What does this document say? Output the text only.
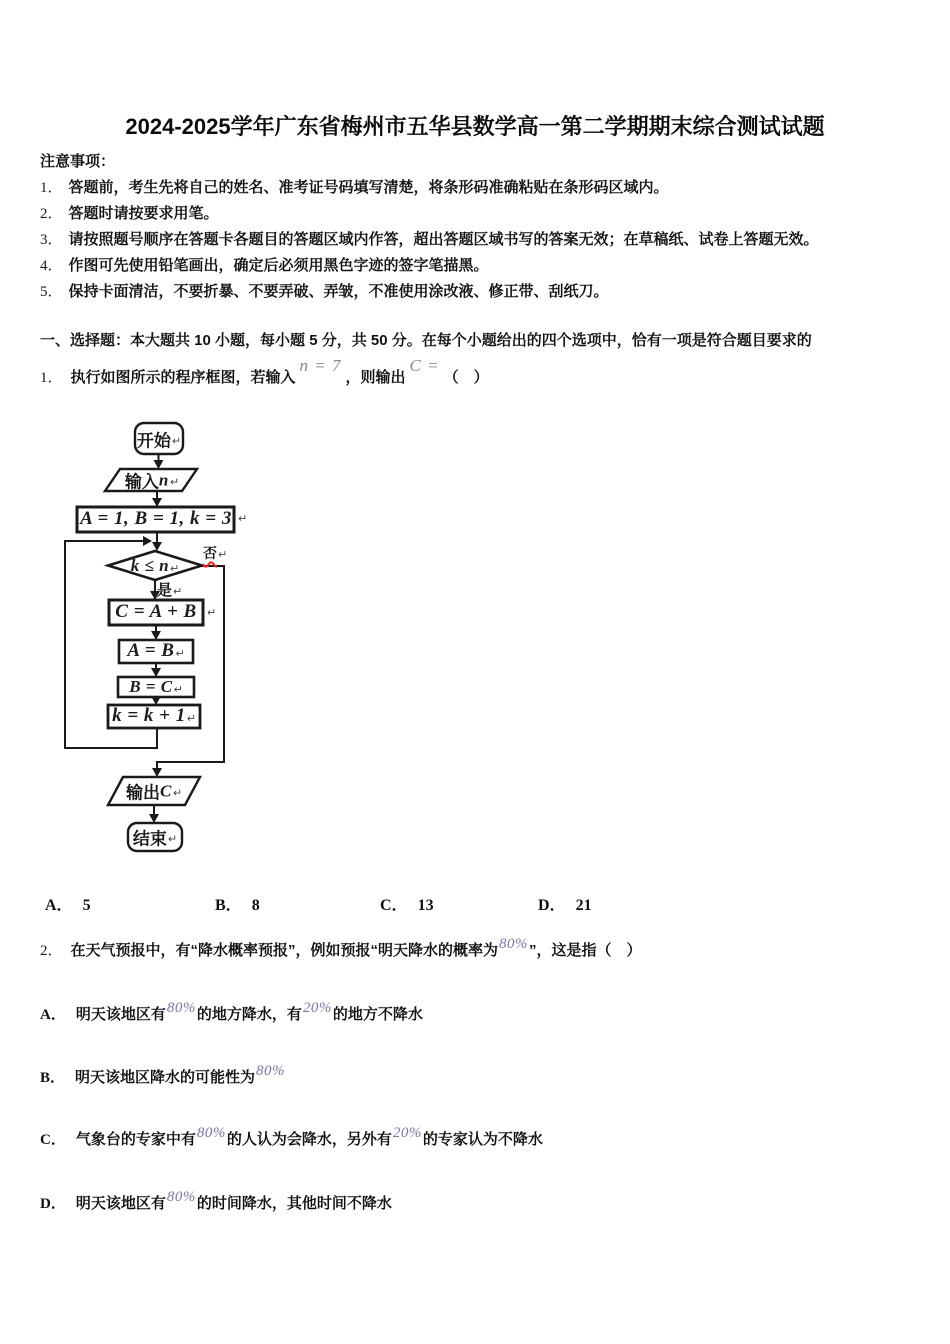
2024-2025学年广东省梅州市五华县数学高一第二学期期末综合测试试题
注意事项：
1． 答题前，考生先将自己的姓名、准考证号码填写清楚，将条形码准确粘贴在条形码区域内。
2． 答题时请按要求用笔。
3． 请按照题号顺序在答题卡各题目的答题区域内作答，超出答题区域书写的答案无效；在草稿纸、试卷上答题无效。
4． 作图可先使用铅笔画出，确定后必须用黑色字迹的签字笔描黑。
5． 保持卡面清洁，不要折暴、不要弄破、弄皱，不准使用涂改液、修正带、刮纸刀。
一、选择题：本大题共 10 小题，每小题 5 分，共 50 分。在每个小题给出的四个选项中，恰有一项是符合题目要求的
1． 执行如图所示的程序框图，若输入n = 7，则输出C =（　）
开始 ↵
输入 n ↵
A = 1, B = 1, k = 3 ↵
k ≤ n ↵
否↵
是↵
C = A + B ↵
A = B ↵
B = C ↵
k = k + 1 ↵
输出 C ↵
结束 ↵
A． 5	B． 8	C． 13	D． 21
2． 在天气预报中，有“降水概率预报”，例如预报“明天降水的概率为80%”，这是指（　）
A． 明天该地区有80%的地方降水，有20%的地方不降水
B． 明天该地区降水的可能性为80%
C． 气象台的专家中有80%的人认为会降水，另外有20%的专家认为不降水
D． 明天该地区有80%的时间降水，其他时间不降水
